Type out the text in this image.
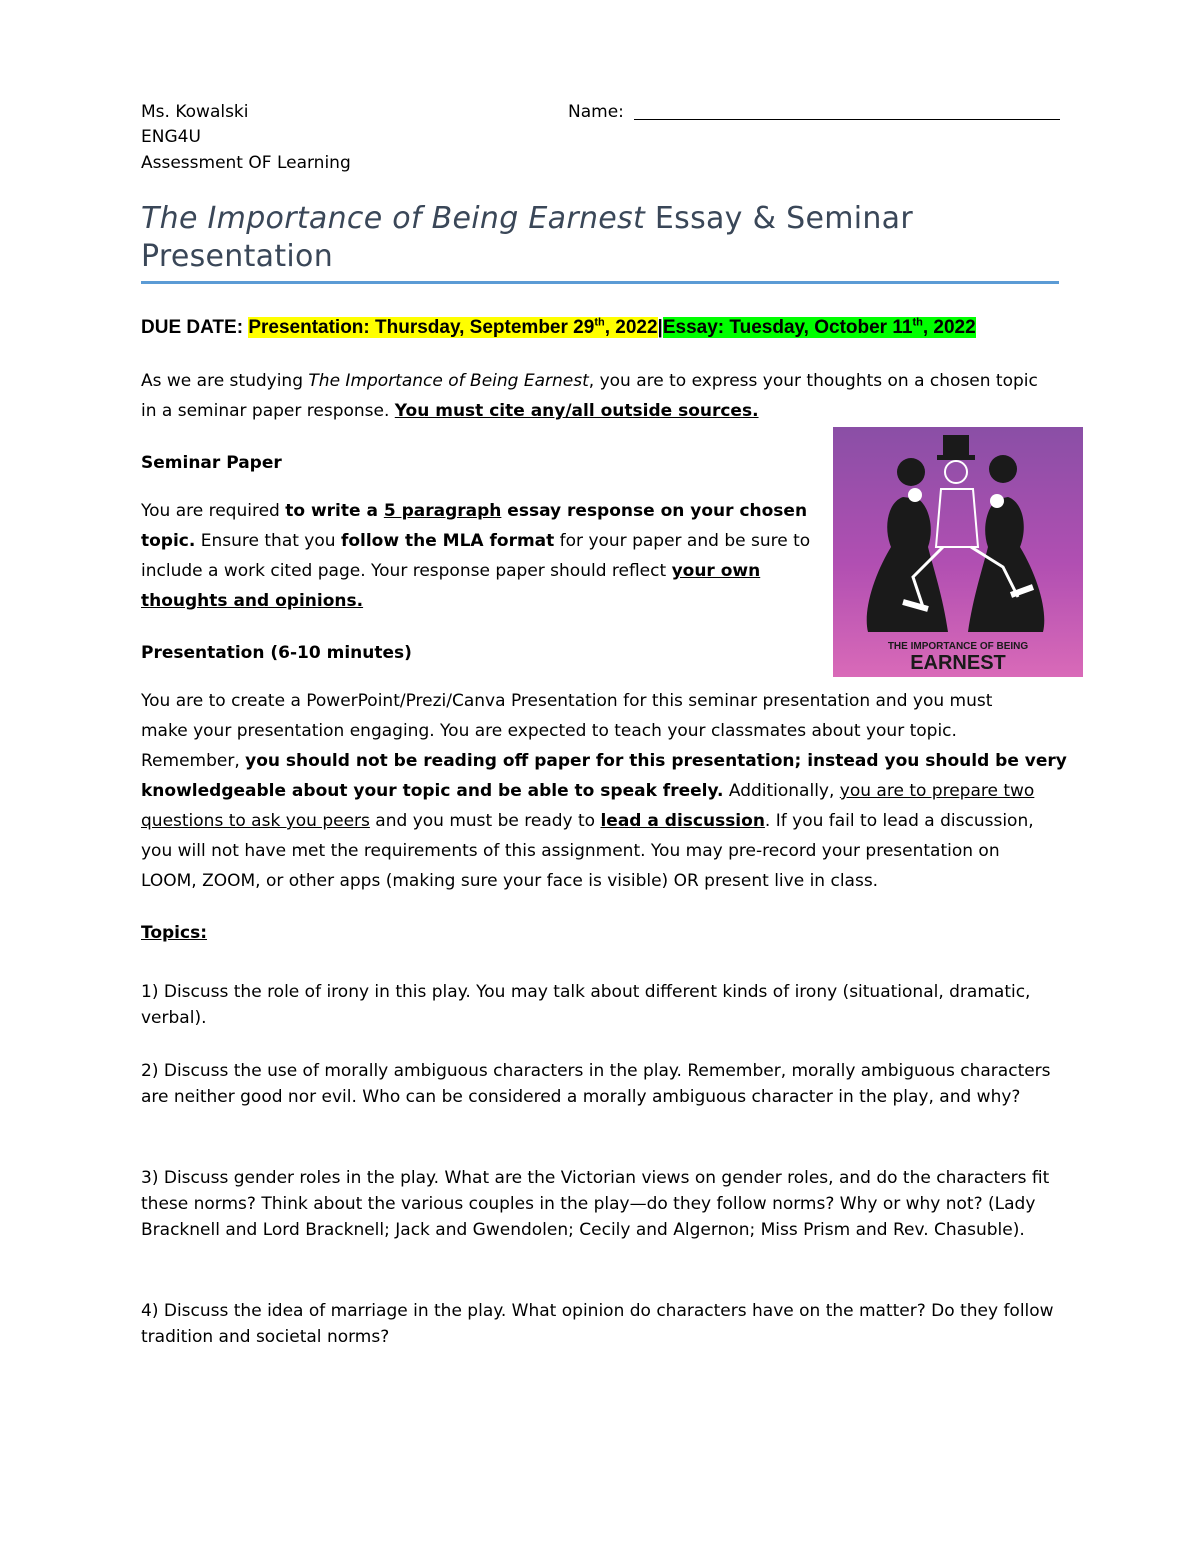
Ms. Kowalski
ENG4U
Assessment OF Learning
Name:
The Importance of Being Earnest Essay & Seminar
Presentation
DUE DATE: Presentation: Thursday, September 29th, 2022|Essay: Tuesday, October 11th, 2022
As we are studying The Importance of Being Earnest, you are to express your thoughts on a chosen topic
in a seminar paper response. You must cite any/all outside sources.
Seminar Paper
You are required to write a 5 paragraph essay response on your chosen
topic. Ensure that you follow the MLA format for your paper and be sure to
include a work cited page. Your response paper should reflect your own
thoughts and opinions.
Presentation (6-10 minutes)
You are to create a PowerPoint/Prezi/Canva Presentation for this seminar presentation and you must
make your presentation engaging. You are expected to teach your classmates about your topic.
Remember, you should not be reading off paper for this presentation; instead you should be very
knowledgeable about your topic and be able to speak freely. Additionally, you are to prepare two
questions to ask you peers and you must be ready to lead a discussion. If you fail to lead a discussion,
you will not have met the requirements of this assignment. You may pre-record your presentation on
LOOM, ZOOM, or other apps (making sure your face is visible) OR present live in class.
Topics:
1) Discuss the role of irony in this play. You may talk about different kinds of irony (situational, dramatic, verbal).
2) Discuss the use of morally ambiguous characters in the play. Remember, morally ambiguous characters are neither good nor evil. Who can be considered a morally ambiguous character in the play, and why?
3) Discuss gender roles in the play. What are the Victorian views on gender roles, and do the characters fit these norms? Think about the various couples in the play—do they follow norms? Why or why not? (Lady Bracknell and Lord Bracknell; Jack and Gwendolen; Cecily and Algernon; Miss Prism and Rev. Chasuble).
4) Discuss the idea of marriage in the play. What opinion do characters have on the matter? Do they follow tradition and societal norms?
THE IMPORTANCE OF BEING
EARNEST
